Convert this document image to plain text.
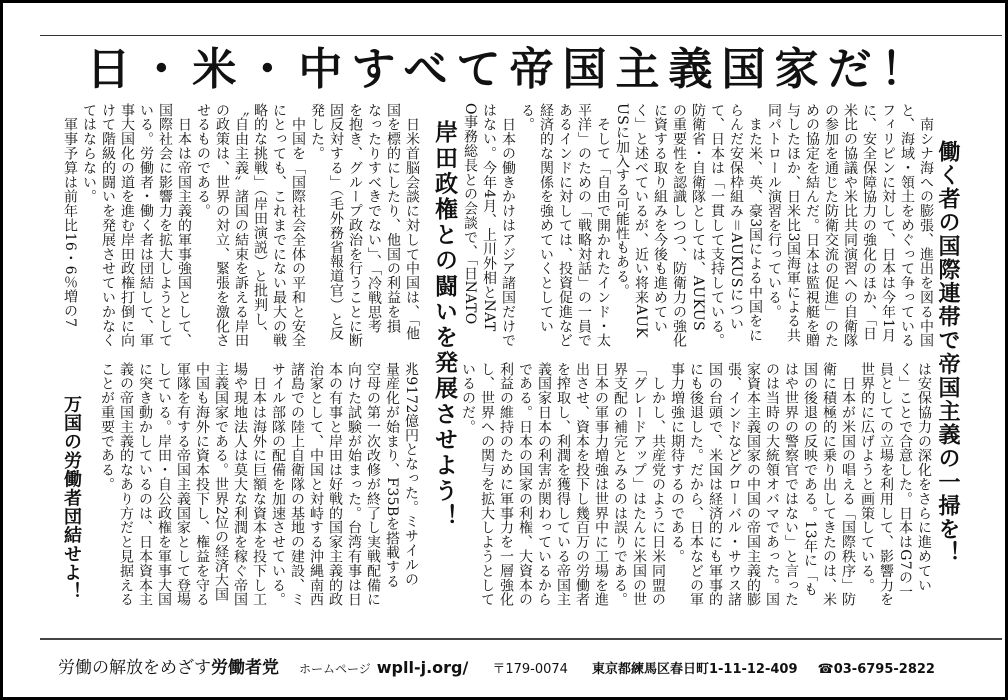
日・米・中すべて帝国主義国家だ！
働く者の国際連帯で帝国主義の一掃を！
岸田政権との闘いを発展させよう！
万国の労働者団結せよ！
　南シナ海への膨張、進出を図る中国
と、海域・領土をめぐって争っている
フィリピンに対して、日本は今年1月
に、安全保障協力の強化のほか、「日
米比の協議や米比共同演習への自衛隊
の参加を通じた防衛交流の促進」のた
めの協定を結んだ。日本は監視艇を贈
与したほか、日米比3国海軍による共
同パトロール演習を行っている。
　また米、英、豪3国による中国をに
らんだ安保枠組み＝AUKUSについ
て、日本は「一貫して支持している。
防衛省・自衛隊としては、AUKUS
の重要性を認識しつつ、防衛力の強化
に資する取り組みを今後も進めてい
く」と述べているが、近い将来AUK
USに加入する可能性もある。
　そして「自由で開かれたインド・太
平洋」のための「戦略対話」の一員で
あるインドに対しては、投資促進など
経済的な関係を強めていくとしてい
る。
　日本の働きかけはアジア諸国だけで
はない。今年4月、上川外相とNAT
O事務総長との会談で、「日NATO
　日米首脳会談に対して中国は、「他
国を標的にしたり、他国の利益を損
なったりすべきでない」、「冷戦思考
を抱き、グループ政治を行うことに断
固反対する」（毛外務省報道官）と反
発した。
　中国を「国際社会全体の平和と安全
にとっても、これまでにない最大の戦
略的な挑戦」（岸田演説）と批判し、
〝自由主義〟諸国の結束を訴える岸田
の政策は、世界の対立、緊張を激化さ
せるものである。
　日本は帝国主義的軍事強国として、
国際社会に影響力を拡大しようとして
いる。労働者・働く者は団結して、軍
事大国化の道を進む岸田政権打倒に向
けて階級的闘いを発展させていかなく
てはならない。
　軍事予算は前年比16・6％増の7
は安保協力の深化をさらに進めてい
く」ことで合意した。日本はG7の一
員としての立場を利用して、影響力を
世界的に広げようと画策している。
　日本が米国の唱える「国際秩序」防
衛に積極的に乗り出してきたのは、米
国の後退の反映である。13年に「も
はや世界の警察官ではない」と言った
のは当時の大統領オバマであった。国
家資本主義国家の中国の帝国主義的膨
張、インドなどグローバル・サウス諸
国の台頭で、米国は経済的にも軍事的
にも後退した。だから、日本などの軍
事力増強に期待するのである。
　しかし、共産党のように日米同盟の
「グレードアップ」はたんに米国の世
界支配の補完とみるのは誤りである。
日本の軍事力増強は世界中に工場を進
出させ、資本を投下し幾百万の労働者
を搾取し、利潤を獲得している帝国主
義国家日本の利害が関わっているから
である。日本の国家の利権、大資本の
利益の維持のために軍事力を一層強化
し、世界への関与を拡大しようとして
いるのだ。
兆9172億円となった。ミサイルの
量産化が始まり、F35Bを搭載する
空母の第一次改修が終了し実戦配備に
向けた試験が始まった。台湾有事は日
本の有事と岸田は好戦的国家主義的政
治家として、中国と対峙する沖縄南西
諸島での陸上自衛隊の基地の建設、ミ
サイル部隊の配備を加速させている。
　日本は海外に巨額な資本を投下し工
場や現地法人は莫大な利潤を稼ぐ帝国
主義国家である。世界2位の経済大国
中国も海外に資本投下し、権益を守る
軍隊を有する帝国主義国家として登場
している。岸田・自公政権を軍事大国
に突き動かしているのは、日本資本主
義の帝国主義的なあり方だと見据える
ことが重要である。
労働の解放をめざす 労働者党 ホームページ wpll-j.org/ 〒179-0074 東京都練馬区春日町1-11-12-409 ☎03-6795-2822
